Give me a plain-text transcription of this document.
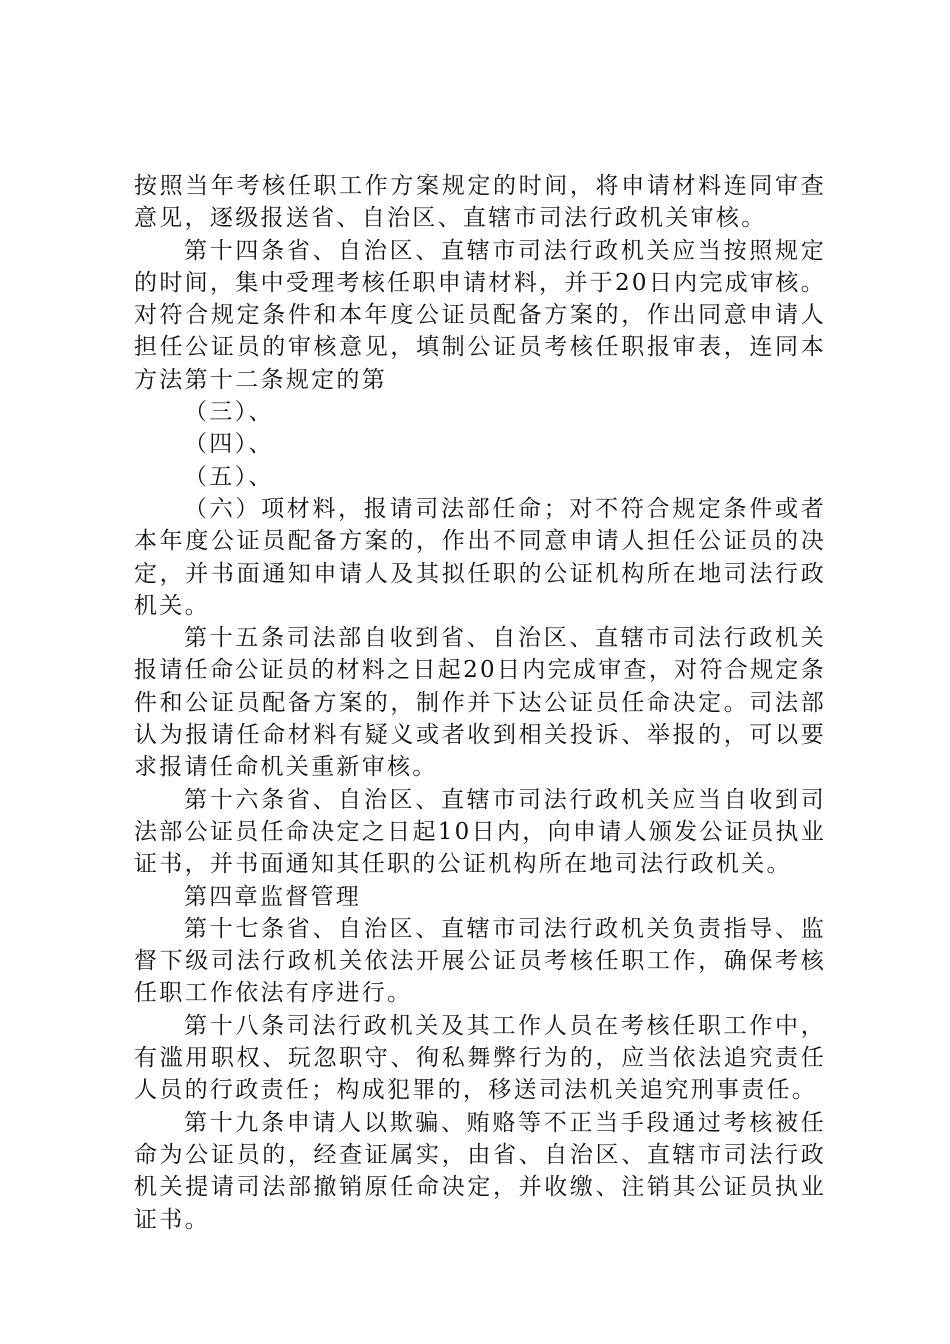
按照当年考核任职工作方案规定的时间，将申请材料连同审查意见，逐级报送省、自治区、直辖市司法行政机关审核。

第十四条省、自治区、直辖市司法行政机关应当按照规定的时间，集中受理考核任职申请材料，并于20日内完成审核。对符合规定条件和本年度公证员配备方案的，作出同意申请人担任公证员的审核意见，填制公证员考核任职报审表，连同本方法第十二条规定的第

（三）、

（四）、

（五）、

（六）项材料，报请司法部任命；对不符合规定条件或者本年度公证员配备方案的，作出不同意申请人担任公证员的决定，并书面通知申请人及其拟任职的公证机构所在地司法行政机关。

第十五条司法部自收到省、自治区、直辖市司法行政机关报请任命公证员的材料之日起20日内完成审查，对符合规定条件和公证员配备方案的，制作并下达公证员任命决定。司法部认为报请任命材料有疑义或者收到相关投诉、举报的，可以要求报请任命机关重新审核。

第十六条省、自治区、直辖市司法行政机关应当自收到司法部公证员任命决定之日起10日内，向申请人颁发公证员执业证书，并书面通知其任职的公证机构所在地司法行政机关。

第四章监督管理

第十七条省、自治区、直辖市司法行政机关负责指导、监督下级司法行政机关依法开展公证员考核任职工作，确保考核任职工作依法有序进行。

第十八条司法行政机关及其工作人员在考核任职工作中，有滥用职权、玩忽职守、徇私舞弊行为的，应当依法追究责任人员的行政责任；构成犯罪的，移送司法机关追究刑事责任。

第十九条申请人以欺骗、贿赂等不正当手段通过考核被任命为公证员的，经查证属实，由省、自治区、直辖市司法行政机关提请司法部撤销原任命决定，并收缴、注销其公证员执业证书。
